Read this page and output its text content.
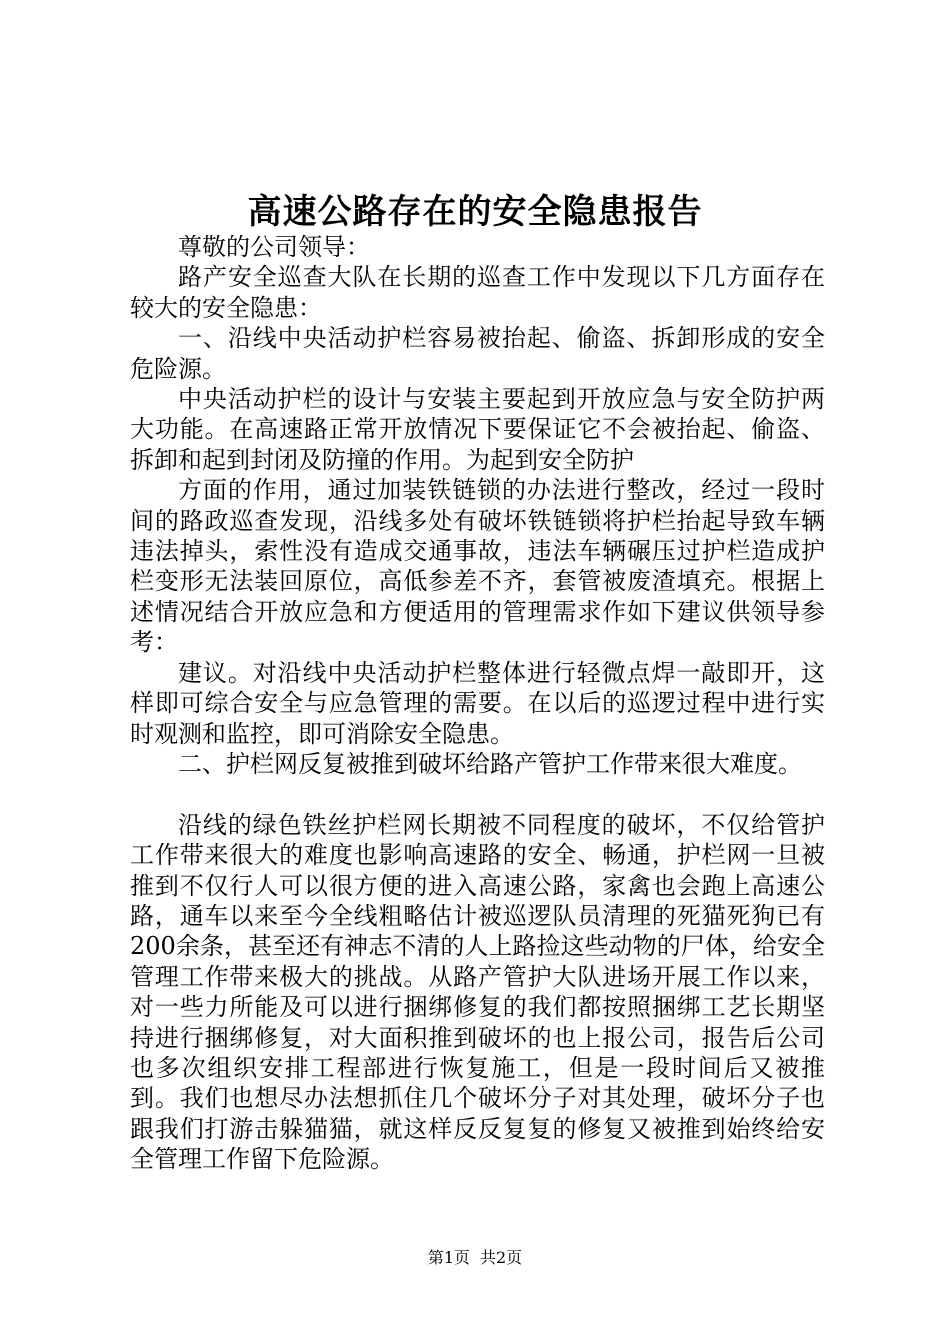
高速公路存在的安全隐患报告

尊敬的公司领导：

路产安全巡查大队在长期的巡查工作中发现以下几方面存在较大的安全隐患：

一、沿线中央活动护栏容易被抬起、偷盗、拆卸形成的安全危险源。

中央活动护栏的设计与安装主要起到开放应急与安全防护两大功能。在高速路正常开放情况下要保证它不会被抬起、偷盗、拆卸和起到封闭及防撞的作用。为起到安全防护

方面的作用，通过加装铁链锁的办法进行整改，经过一段时间的路政巡查发现，沿线多处有破坏铁链锁将护栏抬起导致车辆违法掉头，索性没有造成交通事故，违法车辆碾压过护栏造成护栏变形无法装回原位，高低参差不齐，套管被废渣填充。根据上述情况结合开放应急和方便适用的管理需求作如下建议供领导参考：

建议。对沿线中央活动护栏整体进行轻微点焊一敲即开，这样即可综合安全与应急管理的需要。在以后的巡逻过程中进行实时观测和监控，即可消除安全隐患。

二、护栏网反复被推到破坏给路产管护工作带来很大难度。

沿线的绿色铁丝护栏网长期被不同程度的破坏，不仅给管护工作带来很大的难度也影响高速路的安全、畅通，护栏网一旦被推到不仅行人可以很方便的进入高速公路，家禽也会跑上高速公路，通车以来至今全线粗略估计被巡逻队员清理的死猫死狗已有200余条，甚至还有神志不清的人上路捡这些动物的尸体，给安全管理工作带来极大的挑战。从路产管护大队进场开展工作以来，对一些力所能及可以进行捆绑修复的我们都按照捆绑工艺长期坚持进行捆绑修复，对大面积推到破坏的也上报公司，报告后公司也多次组织安排工程部进行恢复施工，但是一段时间后又被推到。我们也想尽办法想抓住几个破坏分子对其处理，破坏分子也跟我们打游击躲猫猫，就这样反反复复的修复又被推到始终给安全管理工作留下危险源。

第1页 共2页
